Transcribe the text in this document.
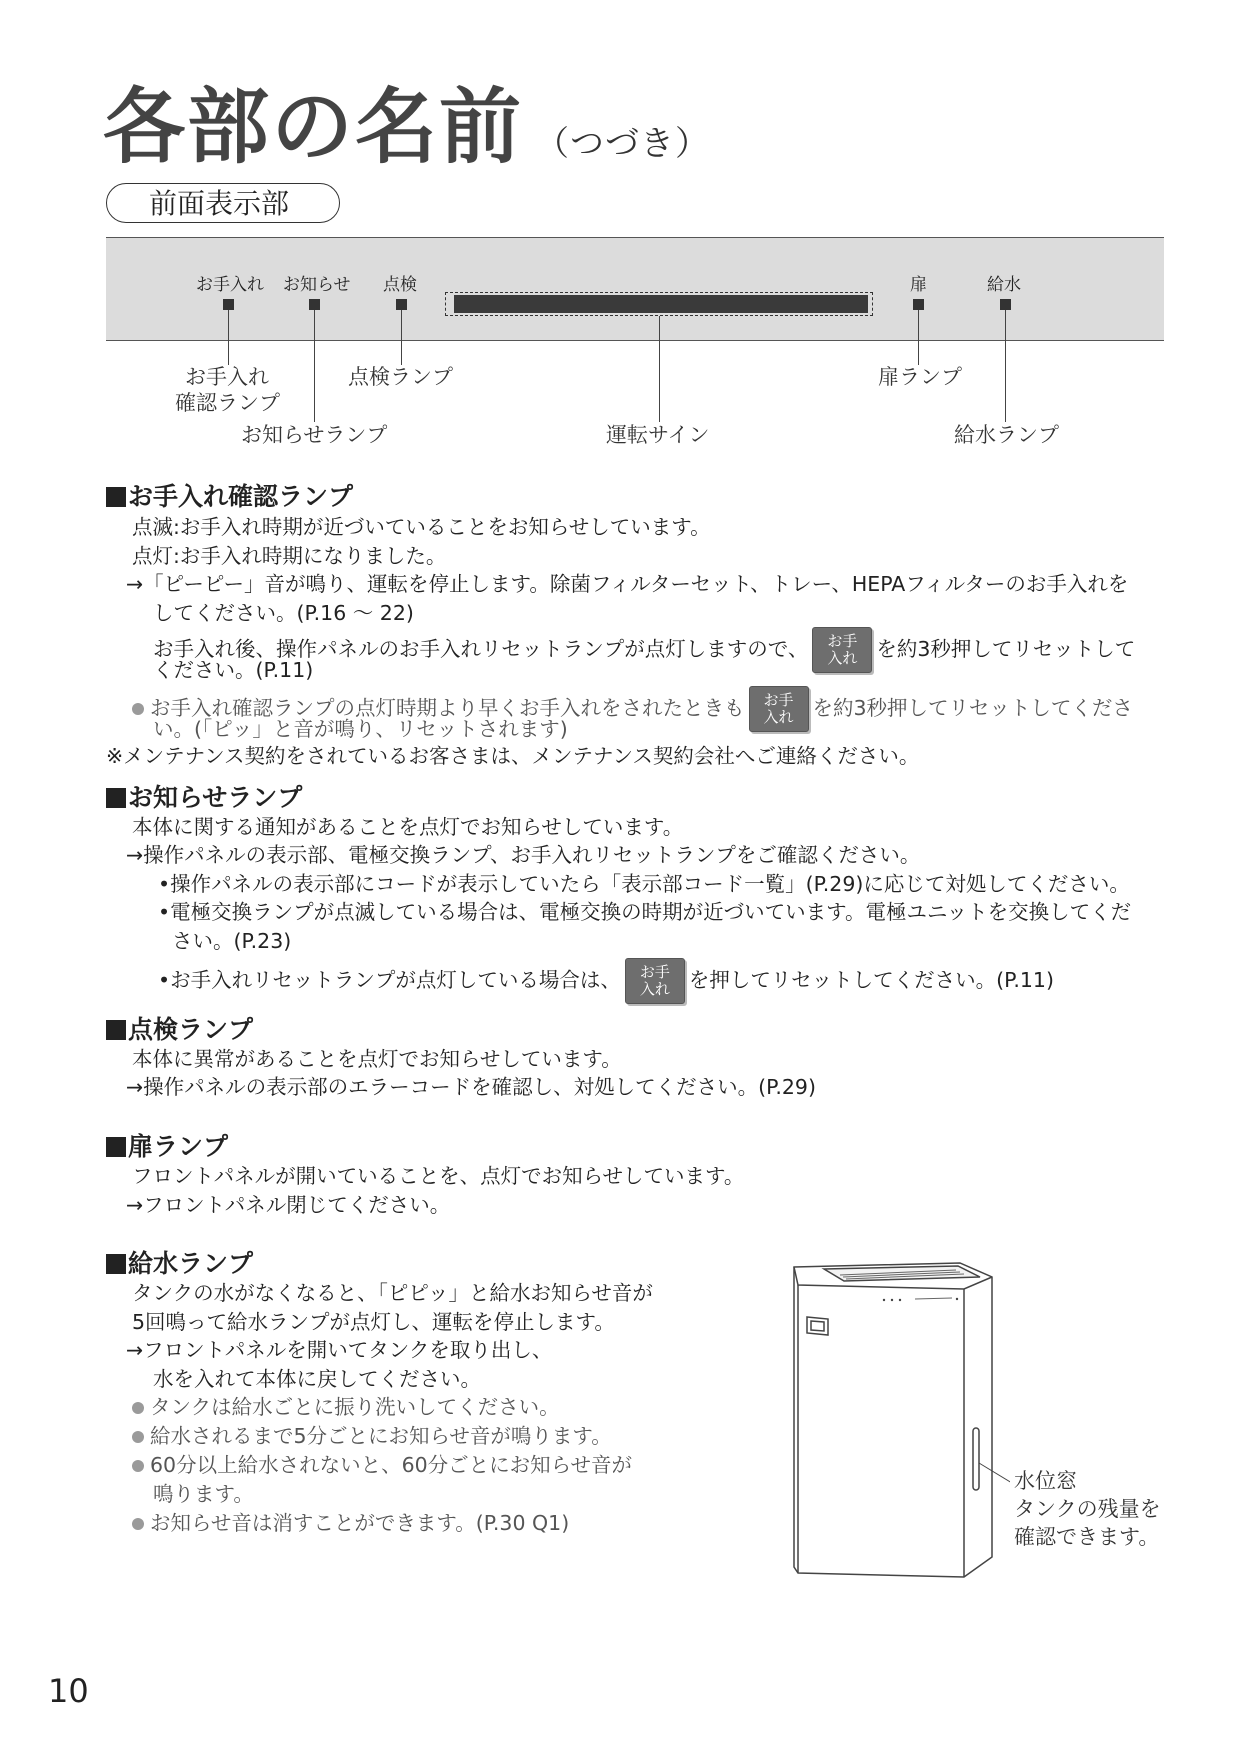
各部の名前 （つづき）
前面表示部
お手入れ お知らせ 点検	扉	給水
お手入れ
確認ランプ
お知らせランプ
点検ランプ
運転サイン
扉ランプ
給水ランプ
お手入れ確認ランプ
点滅:お手入れ時期が近づいていることをお知らせしています。
点灯:お手入れ時期になりました。
→「ピーピー」音が鳴り、運転を停止します。除菌フィルターセット、トレー、HEPAフィルターのお手入れを
してください。(P.16 ～ 22)
お手入れ後、操作パネルのお手入れリセットランプが点灯しますので、 お手
入れ を約3秒押してリセットして
ください。(P.11)
お手入れ確認ランプの点灯時期より早くお手入れをされたときも お手
入れ を約3秒押してリセットしてくださ
い。(「ピッ」と音が鳴り、リセットされます)
※メンテナンス契約をされているお客さまは、メンテナンス契約会社へご連絡ください。
お知らせランプ
本体に関する通知があることを点灯でお知らせしています。
→操作パネルの表示部、電極交換ランプ、お手入れリセットランプをご確認ください。
•操作パネルの表示部にコードが表示していたら「表示部コード一覧」(P.29)に応じて対処してください。
•電極交換ランプが点滅している場合は、電極交換の時期が近づいています。電極ユニットを交換してくだ
さい。(P.23)
•お手入れリセットランプが点灯している場合は、 お手
入れ を押してリセットしてください。(P.11)
点検ランプ
本体に異常があることを点灯でお知らせしています。
→操作パネルの表示部のエラーコードを確認し、対処してください。(P.29)
扉ランプ
フロントパネルが開いていることを、点灯でお知らせしています。
→フロントパネル閉じてください。
給水ランプ
タンクの水がなくなると、「ピピッ」と給水お知らせ音が
5回鳴って給水ランプが点灯し、運転を停止します。
→フロントパネルを開いてタンクを取り出し、
水を入れて本体に戻してください。
タンクは給水ごとに振り洗いしてください。
給水されるまで5分ごとにお知らせ音が鳴ります。
60分以上給水されないと、60分ごとにお知らせ音が
鳴ります。
お知らせ音は消すことができます。(P.30 Q1)
水位窓
タンクの残量を
確認できます。
10
